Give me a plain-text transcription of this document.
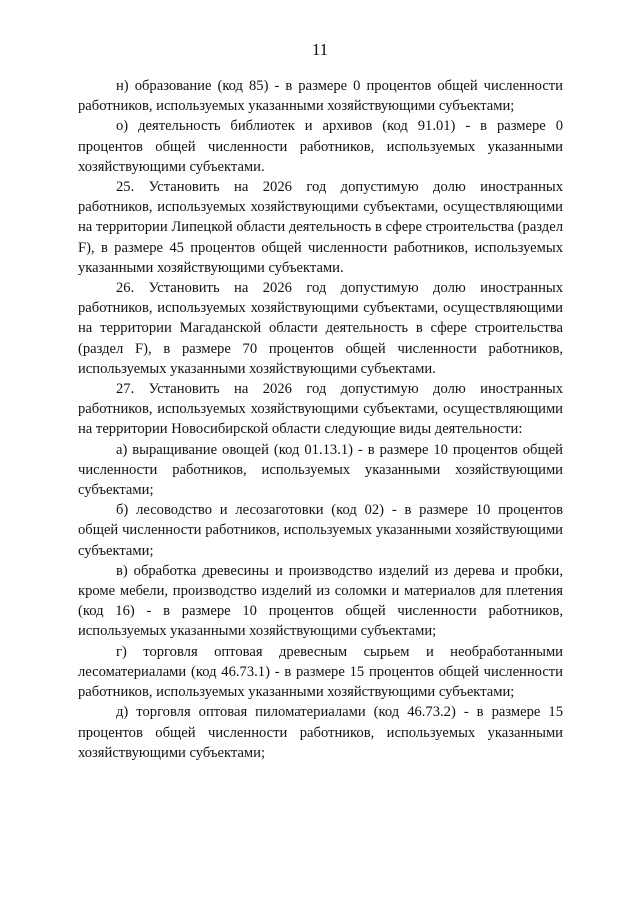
11

н) образование (код 85) - в размере 0 процентов общей численности работников, используемых указанными хозяйствующими субъектами;

о) деятельность библиотек и архивов (код 91.01) - в размере 0 процентов общей численности работников, используемых указанными хозяйствующими субъектами.

25. Установить на 2026 год допустимую долю иностранных работников, используемых хозяйствующими субъектами, осуществляющими на территории Липецкой области деятельность в сфере строительства (раздел F), в размере 45 процентов общей численности работников, используемых указанными хозяйствующими субъектами.

26. Установить на 2026 год допустимую долю иностранных работников, используемых хозяйствующими субъектами, осуществляющими на территории Магаданской области деятельность в сфере строительства (раздел F), в размере 70 процентов общей численности работников, используемых указанными хозяйствующими субъектами.

27. Установить на 2026 год допустимую долю иностранных работников, используемых хозяйствующими субъектами, осуществляющими на территории Новосибирской области следующие виды деятельности:

а) выращивание овощей (код 01.13.1) - в размере 10 процентов общей численности работников, используемых указанными хозяйствующими субъектами;

б) лесоводство и лесозаготовки (код 02) - в размере 10 процентов общей численности работников, используемых указанными хозяйствующими субъектами;

в) обработка древесины и производство изделий из дерева и пробки, кроме мебели, производство изделий из соломки и материалов для плетения (код 16) - в размере 10 процентов общей численности работников, используемых указанными хозяйствующими субъектами;

г) торговля оптовая древесным сырьем и необработанными лесоматериалами (код 46.73.1) - в размере 15 процентов общей численности работников, используемых указанными хозяйствующими субъектами;

д) торговля оптовая пиломатериалами (код 46.73.2) - в размере 15 процентов общей численности работников, используемых указанными хозяйствующими субъектами;
